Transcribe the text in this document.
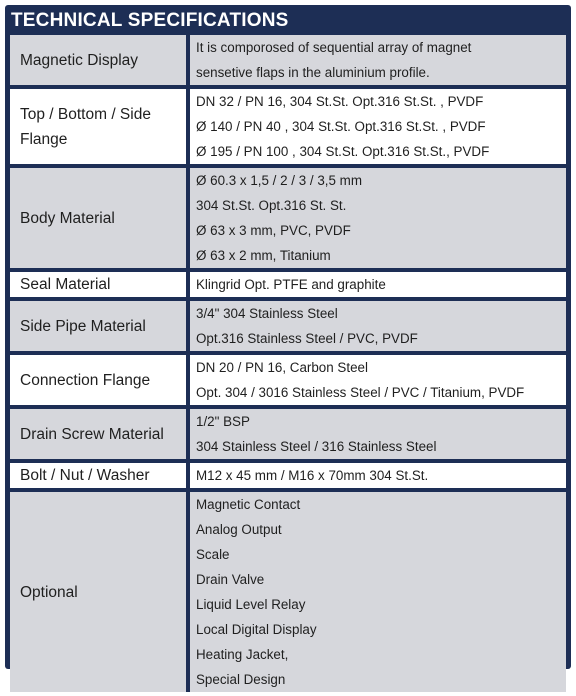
TECHNICAL SPECIFICATIONS
Magnetic Display
It is comporosed of sequential array of magnet
sensetive flaps in the aluminium profile.
Top / Bottom / Side
Flange
DN 32 / PN 16, 304 St.St. Opt.316 St.St. , PVDF
Ø 140 / PN 40 , 304 St.St. Opt.316 St.St. , PVDF
Ø 195 / PN 100 , 304 St.St. Opt.316 St.St., PVDF
Body Material
Ø 60.3 x 1,5 / 2 / 3 / 3,5 mm
304 St.St. Opt.316 St. St.
Ø 63 x 3 mm, PVC, PVDF
Ø 63 x 2 mm, Titanium
Seal Material	Klingrid Opt. PTFE and graphite
Side Pipe Material
3/4" 304 Stainless Steel
Opt.316 Stainless Steel / PVC, PVDF
Connection Flange
DN 20 / PN 16, Carbon Steel
Opt. 304 / 3016 Stainless Steel / PVC / Titanium, PVDF
Drain Screw Material
1/2" BSP
304 Stainless Steel / 316 Stainless Steel
Bolt / Nut / Washer	M12 x 45 mm / M16 x 70mm 304 St.St.
Optional
Magnetic Contact
Analog Output
Scale
Drain Valve
Liquid Level Relay
Local Digital Display
Heating Jacket,
Special Design
